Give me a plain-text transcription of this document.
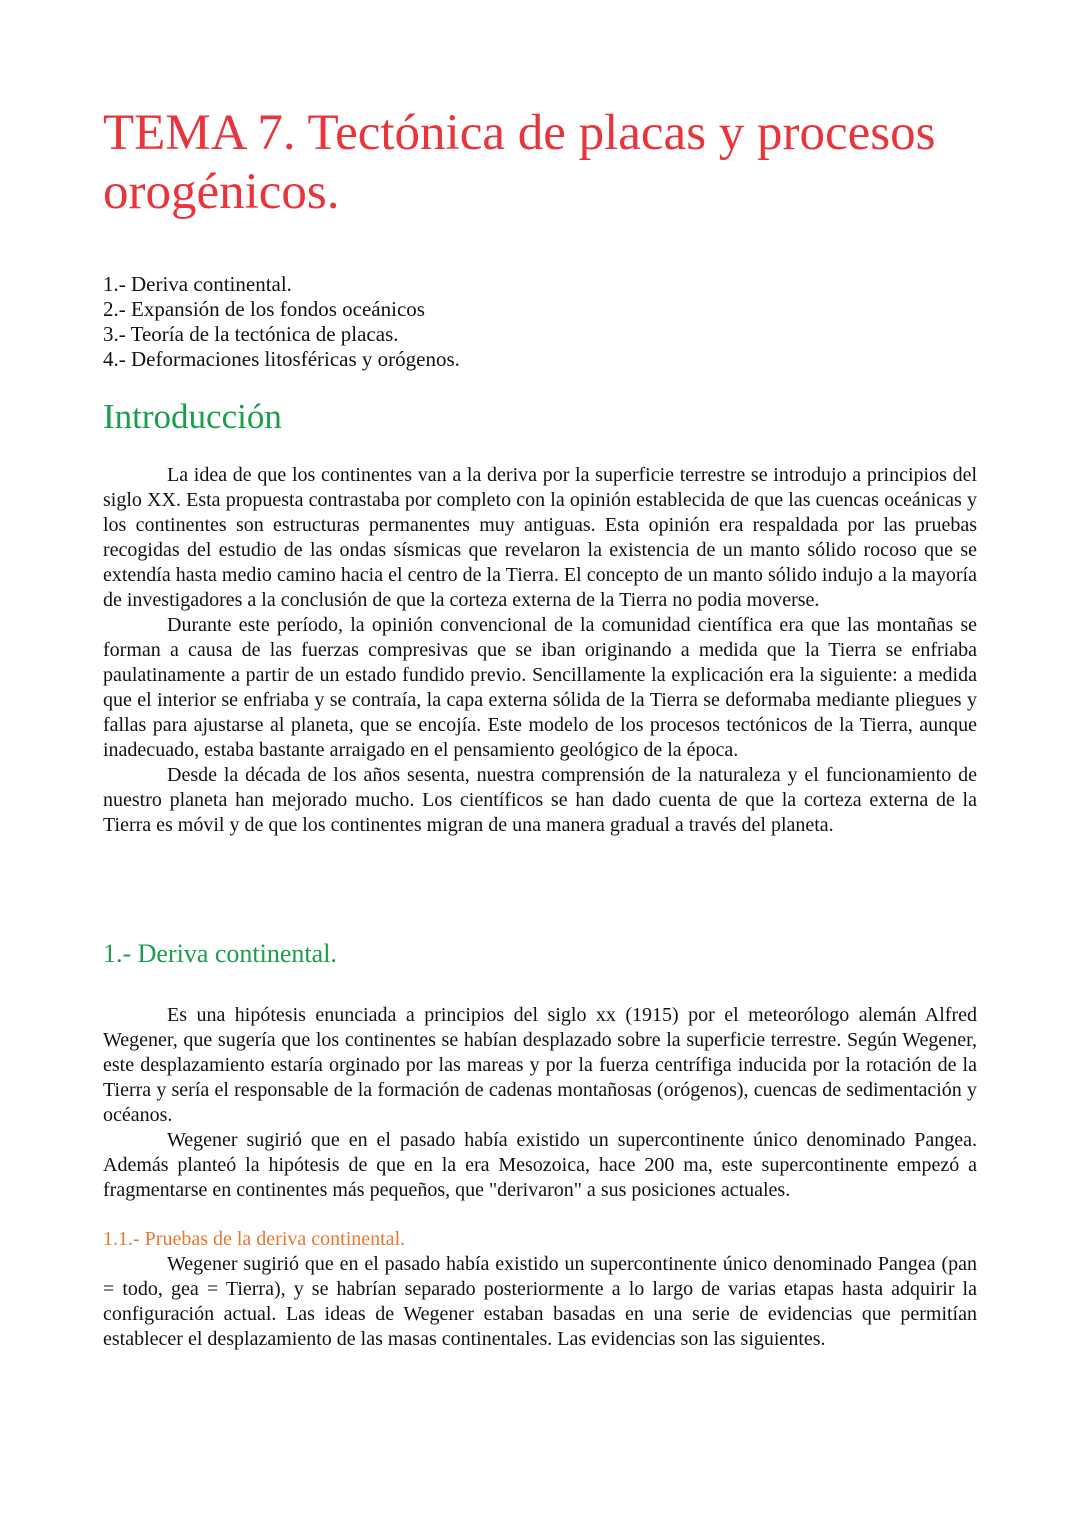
TEMA 7. Tectónica de placas y procesos orogénicos.
1.- Deriva continental.
2.- Expansión de los fondos oceánicos
3.- Teoría de la tectónica de placas.
4.- Deformaciones litosféricas y orógenos.
Introducción

La idea de que los continentes van a la deriva por la superficie terrestre se introdujo a principios del siglo XX. Esta propuesta contrastaba por completo con la opinión establecida de que las cuencas oceánicas y los continentes son estructuras permanentes muy antiguas. Esta opinión era respaldada por las pruebas recogidas del estudio de las ondas sísmicas que revelaron la existencia de un manto sólido rocoso que se extendía hasta medio camino hacia el centro de la Tierra. El concepto de un manto sólido indujo a la mayoría de investigadores a la conclusión de que la corteza externa de la Tierra no podia moverse.

Durante este período, la opinión convencional de la comunidad científica era que las montañas se forman a causa de las fuerzas compresivas que se iban originando a medida que la Tierra se enfriaba paulatinamente a partir de un estado fundido previo. Sencillamente la explicación era la siguiente: a medida que el interior se enfriaba y se contraía, la capa externa sólida de la Tierra se deformaba mediante pliegues y fallas para ajustarse al planeta, que se encojía. Este modelo de los procesos tectónicos de la Tierra, aunque inadecuado, estaba bastante arraigado en el pensamiento geológico de la época.

Desde la década de los años sesenta, nuestra comprensión de la naturaleza y el funcionamiento de nuestro planeta han mejorado mucho. Los científicos se han dado cuenta de que la corteza externa de la Tierra es móvil y de que los continentes migran de una manera gradual a través del planeta.

1.- Deriva continental.

Es una hipótesis enunciada a principios del siglo xx (1915) por el meteorólogo alemán Alfred Wegener, que sugería que los continentes se habían desplazado sobre la superficie terrestre. Según Wegener, este desplazamiento estaría orginado por las mareas y por la fuerza centrífiga inducida por la rotación de la Tierra y sería el responsable de la formación de cadenas montañosas (orógenos), cuencas de sedimentación y océanos.

Wegener sugirió que en el pasado había existido un supercontinente único denominado Pangea. Además planteó la hipótesis de que en la era Mesozoica, hace 200 ma, este supercontinente empezó a fragmentarse en continentes más pequeños, que "derivaron" a sus posiciones actuales.

1.1.- Pruebas de la deriva continental.

Wegener sugirió que en el pasado había existido un supercontinente único denominado Pangea (pan = todo, gea = Tierra), y se habrían separado posteriormente a lo largo de varias etapas hasta adquirir la configuración actual. Las ideas de Wegener estaban basadas en una serie de evidencias que permitían establecer el desplazamiento de las masas continentales. Las evidencias son las siguientes.
